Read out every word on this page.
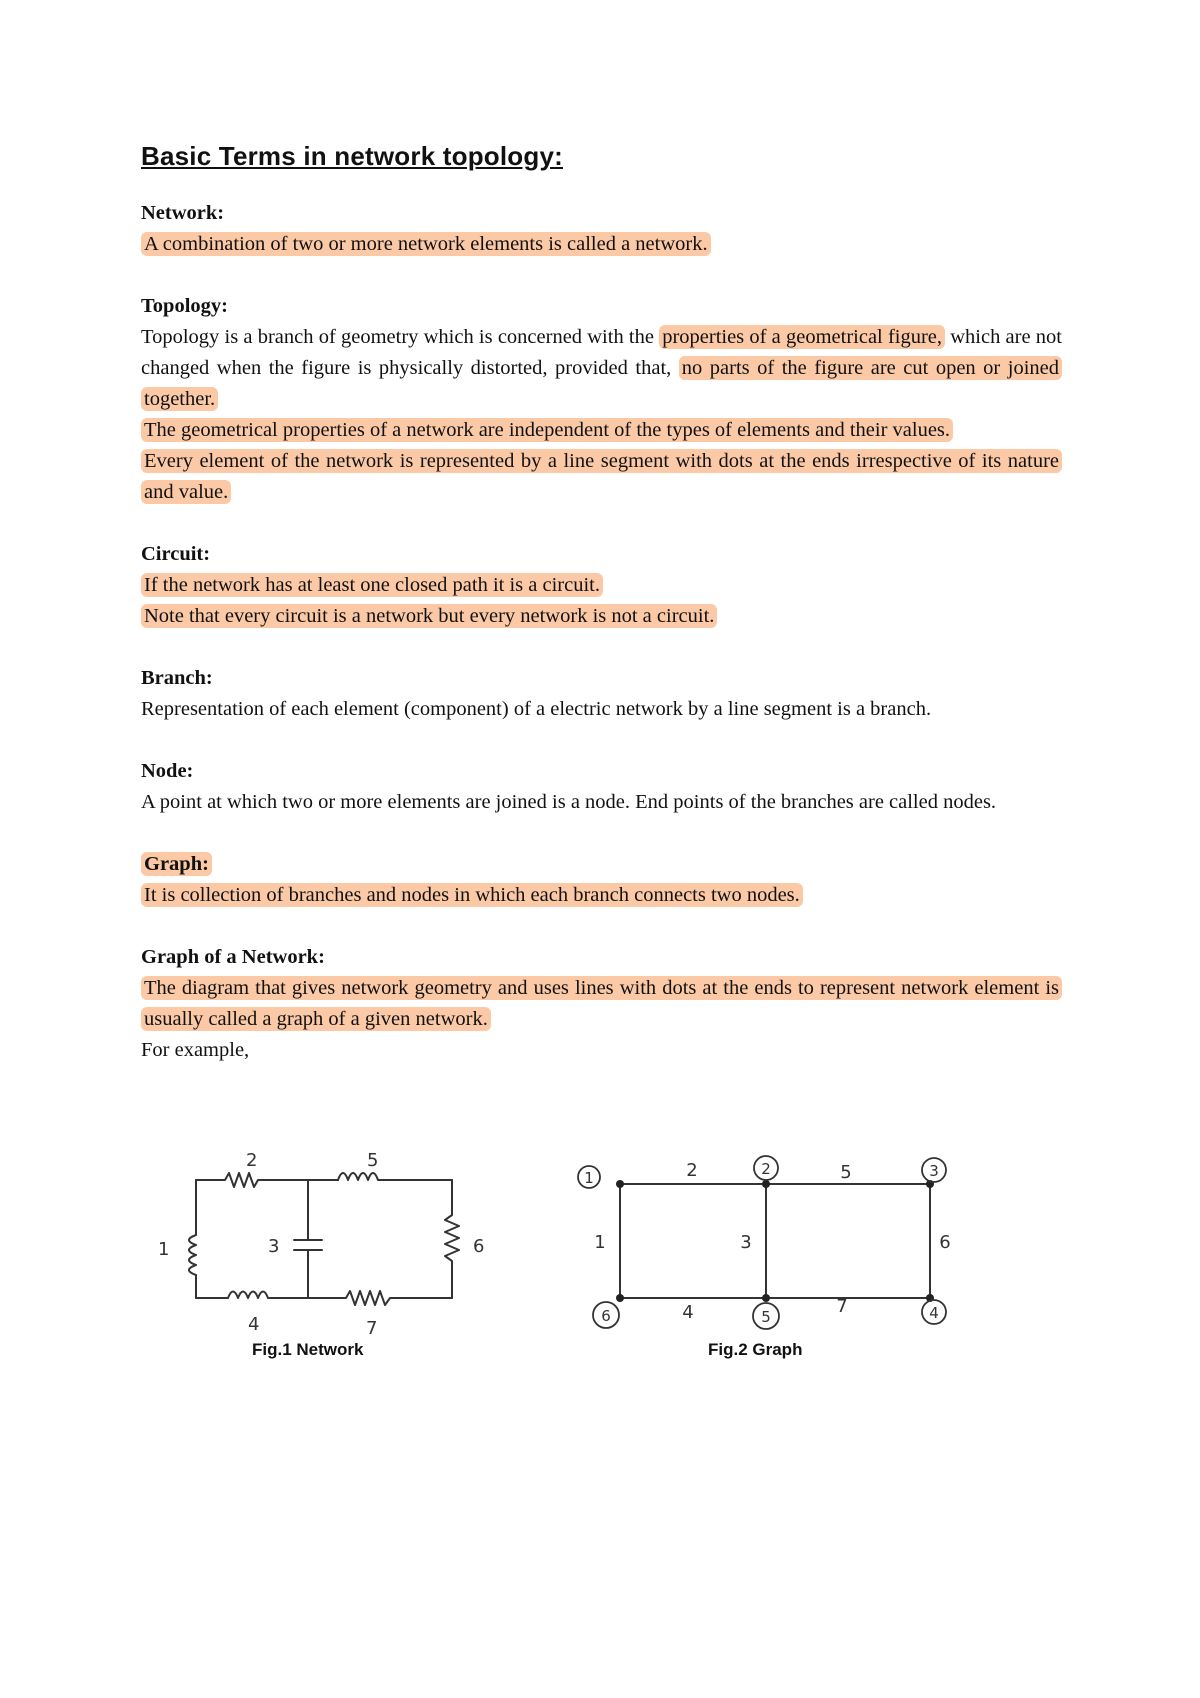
Basic Terms in network topology:

Network:

A combination of two or more network elements is called a network.

Topology:

Topology is a branch of geometry which is concerned with the properties of a geometrical figure, which are not changed when the figure is physically distorted, provided that, no parts of the figure are cut open or joined together.

The geometrical properties of a network are independent of the types of elements and their values.

Every element of the network is represented by a line segment with dots at the ends irrespective of its nature and value.

Circuit:

If the network has at least one closed path it is a circuit.

Note that every circuit is a network but every network is not a circuit.

Branch:

Representation of each element (component) of a electric network by a line segment is a branch.

Node:

A point at which two or more elements are joined is a node. End points of the branches are called nodes.

Graph:

It is collection of branches and nodes in which each branch connects two nodes.

Graph of a Network:

The diagram that gives network geometry and uses lines with dots at the ends to represent network element is usually called a graph of a given network.

For example,

1
2
3
4
5
6
7
1	2	3
4
5
6
1
2
3
4
5
6
7
Fig.1 Network	Fig.2 Graph
